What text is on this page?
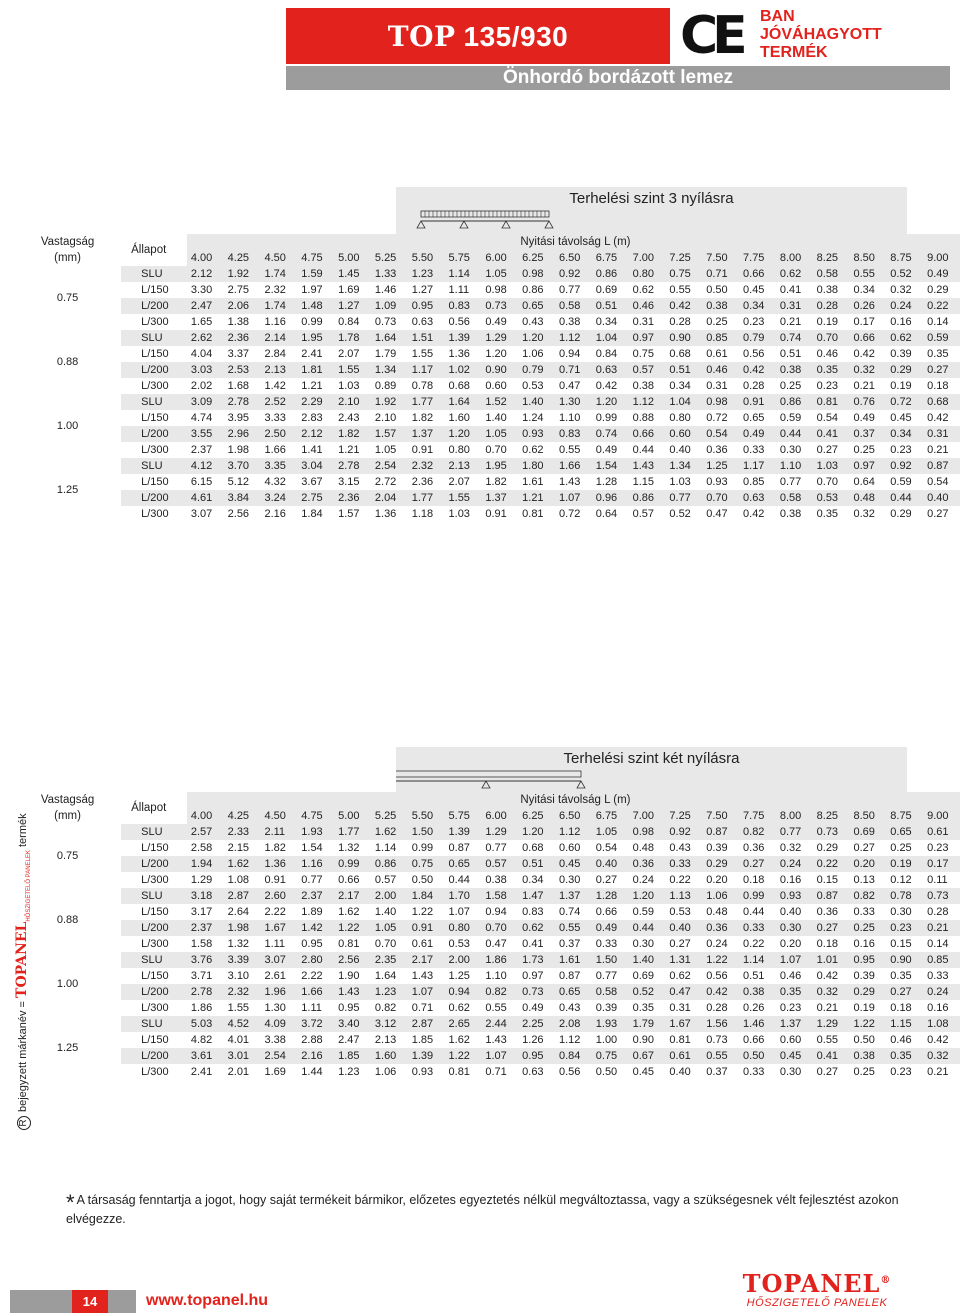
TOP 135/930 CE	BAN
JÓVÁHAGYOTT
TERMÉK
Önhordó bordázott lemez
Terhelési szint 3 nyílásra
Vastagság	Állapot	Nyitási távolság L (m)																				
(mm)		4.00	4.25	4.50	4.75	5.00	5.25	5.50	5.75	6.00	6.25	6.50	6.75	7.00	7.25	7.50	7.75	8.00	8.25	8.50	8.75	9.00
0.75	SLU	2.12	1.92	1.74	1.59	1.45	1.33	1.23	1.14	1.05	0.98	0.92	0.86	0.80	0.75	0.71	0.66	0.62	0.58	0.55	0.52	0.49
	L/150	3.30	2.75	2.32	1.97	1.69	1.46	1.27	1.11	0.98	0.86	0.77	0.69	0.62	0.55	0.50	0.45	0.41	0.38	0.34	0.32	0.29
	L/200	2.47	2.06	1.74	1.48	1.27	1.09	0.95	0.83	0.73	0.65	0.58	0.51	0.46	0.42	0.38	0.34	0.31	0.28	0.26	0.24	0.22
	L/300	1.65	1.38	1.16	0.99	0.84	0.73	0.63	0.56	0.49	0.43	0.38	0.34	0.31	0.28	0.25	0.23	0.21	0.19	0.17	0.16	0.14
0.88	SLU	2.62	2.36	2.14	1.95	1.78	1.64	1.51	1.39	1.29	1.20	1.12	1.04	0.97	0.90	0.85	0.79	0.74	0.70	0.66	0.62	0.59
	L/150	4.04	3.37	2.84	2.41	2.07	1.79	1.55	1.36	1.20	1.06	0.94	0.84	0.75	0.68	0.61	0.56	0.51	0.46	0.42	0.39	0.35
	L/200	3.03	2.53	2.13	1.81	1.55	1.34	1.17	1.02	0.90	0.79	0.71	0.63	0.57	0.51	0.46	0.42	0.38	0.35	0.32	0.29	0.27
	L/300	2.02	1.68	1.42	1.21	1.03	0.89	0.78	0.68	0.60	0.53	0.47	0.42	0.38	0.34	0.31	0.28	0.25	0.23	0.21	0.19	0.18
1.00	SLU	3.09	2.78	2.52	2.29	2.10	1.92	1.77	1.64	1.52	1.40	1.30	1.20	1.12	1.04	0.98	0.91	0.86	0.81	0.76	0.72	0.68
	L/150	4.74	3.95	3.33	2.83	2.43	2.10	1.82	1.60	1.40	1.24	1.10	0.99	0.88	0.80	0.72	0.65	0.59	0.54	0.49	0.45	0.42
	L/200	3.55	2.96	2.50	2.12	1.82	1.57	1.37	1.20	1.05	0.93	0.83	0.74	0.66	0.60	0.54	0.49	0.44	0.41	0.37	0.34	0.31
	L/300	2.37	1.98	1.66	1.41	1.21	1.05	0.91	0.80	0.70	0.62	0.55	0.49	0.44	0.40	0.36	0.33	0.30	0.27	0.25	0.23	0.21
1.25	SLU	4.12	3.70	3.35	3.04	2.78	2.54	2.32	2.13	1.95	1.80	1.66	1.54	1.43	1.34	1.25	1.17	1.10	1.03	0.97	0.92	0.87
	L/150	6.15	5.12	4.32	3.67	3.15	2.72	2.36	2.07	1.82	1.61	1.43	1.28	1.15	1.03	0.93	0.85	0.77	0.70	0.64	0.59	0.54
	L/200	4.61	3.84	3.24	2.75	2.36	2.04	1.77	1.55	1.37	1.21	1.07	0.96	0.86	0.77	0.70	0.63	0.58	0.53	0.48	0.44	0.40
	L/300	3.07	2.56	2.16	1.84	1.57	1.36	1.18	1.03	0.91	0.81	0.72	0.64	0.57	0.52	0.47	0.42	0.38	0.35	0.32	0.29	0.27
Terhelési szint két nyílásra
Vastagság	Állapot	Nyitási távolság L (m)																				
(mm)		4.00	4.25	4.50	4.75	5.00	5.25	5.50	5.75	6.00	6.25	6.50	6.75	7.00	7.25	7.50	7.75	8.00	8.25	8.50	8.75	9.00
0.75	SLU	2.57	2.33	2.11	1.93	1.77	1.62	1.50	1.39	1.29	1.20	1.12	1.05	0.98	0.92	0.87	0.82	0.77	0.73	0.69	0.65	0.61
	L/150	2.58	2.15	1.82	1.54	1.32	1.14	0.99	0.87	0.77	0.68	0.60	0.54	0.48	0.43	0.39	0.36	0.32	0.29	0.27	0.25	0.23
	L/200	1.94	1.62	1.36	1.16	0.99	0.86	0.75	0.65	0.57	0.51	0.45	0.40	0.36	0.33	0.29	0.27	0.24	0.22	0.20	0.19	0.17
	L/300	1.29	1.08	0.91	0.77	0.66	0.57	0.50	0.44	0.38	0.34	0.30	0.27	0.24	0.22	0.20	0.18	0.16	0.15	0.13	0.12	0.11
0.88	SLU	3.18	2.87	2.60	2.37	2.17	2.00	1.84	1.70	1.58	1.47	1.37	1.28	1.20	1.13	1.06	0.99	0.93	0.87	0.82	0.78	0.73
	L/150	3.17	2.64	2.22	1.89	1.62	1.40	1.22	1.07	0.94	0.83	0.74	0.66	0.59	0.53	0.48	0.44	0.40	0.36	0.33	0.30	0.28
	L/200	2.37	1.98	1.67	1.42	1.22	1.05	0.91	0.80	0.70	0.62	0.55	0.49	0.44	0.40	0.36	0.33	0.30	0.27	0.25	0.23	0.21
	L/300	1.58	1.32	1.11	0.95	0.81	0.70	0.61	0.53	0.47	0.41	0.37	0.33	0.30	0.27	0.24	0.22	0.20	0.18	0.16	0.15	0.14
1.00	SLU	3.76	3.39	3.07	2.80	2.56	2.35	2.17	2.00	1.86	1.73	1.61	1.50	1.40	1.31	1.22	1.14	1.07	1.01	0.95	0.90	0.85
	L/150	3.71	3.10	2.61	2.22	1.90	1.64	1.43	1.25	1.10	0.97	0.87	0.77	0.69	0.62	0.56	0.51	0.46	0.42	0.39	0.35	0.33
	L/200	2.78	2.32	1.96	1.66	1.43	1.23	1.07	0.94	0.82	0.73	0.65	0.58	0.52	0.47	0.42	0.38	0.35	0.32	0.29	0.27	0.24
	L/300	1.86	1.55	1.30	1.11	0.95	0.82	0.71	0.62	0.55	0.49	0.43	0.39	0.35	0.31	0.28	0.26	0.23	0.21	0.19	0.18	0.16
1.25	SLU	5.03	4.52	4.09	3.72	3.40	3.12	2.87	2.65	2.44	2.25	2.08	1.93	1.79	1.67	1.56	1.46	1.37	1.29	1.22	1.15	1.08
	L/150	4.82	4.01	3.38	2.88	2.47	2.13	1.85	1.62	1.43	1.26	1.12	1.00	0.90	0.81	0.73	0.66	0.60	0.55	0.50	0.46	0.42
	L/200	3.61	3.01	2.54	2.16	1.85	1.60	1.39	1.22	1.07	0.95	0.84	0.75	0.67	0.61	0.55	0.50	0.45	0.41	0.38	0.35	0.32
	L/300	2.41	2.01	1.69	1.44	1.23	1.06	0.93	0.81	0.71	0.63	0.56	0.50	0.45	0.40	0.37	0.33	0.30	0.27	0.25	0.23	0.21
Rbejegyzett márkanév = TOPANELHŐSZIGETELŐ PANELEK termék
* A társaság fenntartja a jogot, hogy saját termékeit bármikor, előzetes egyeztetés nélkül megváltoztassa, vagy a szükségesnek vélt fejlesztést azokon elvégezze.
14	www.topanel.hu
TOPANEL®
HŐSZIGETELŐ PANELEK
